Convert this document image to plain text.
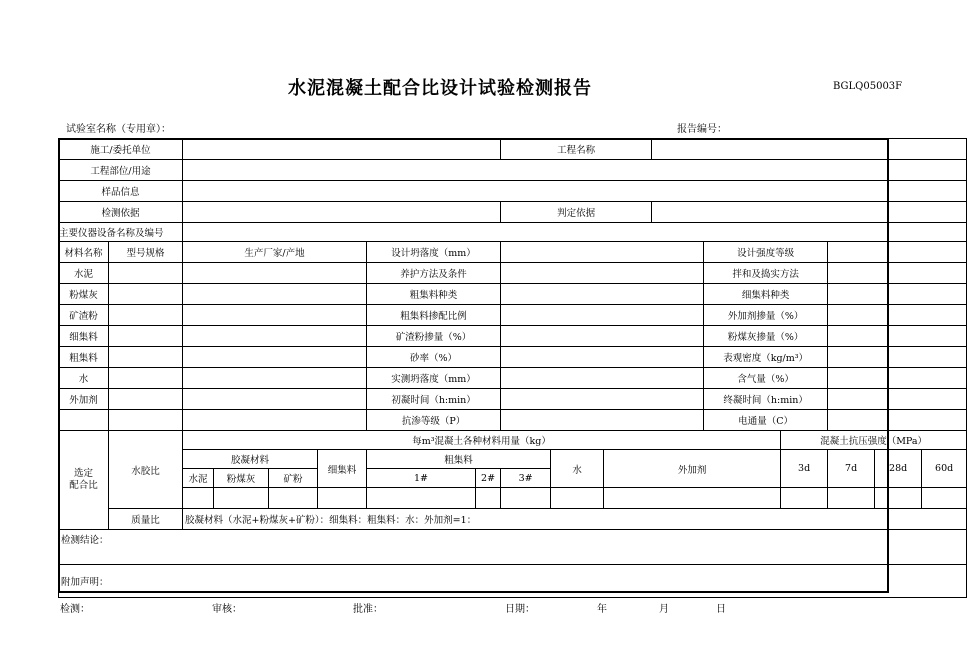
水泥混凝土配合比设计试验检测报告	BGLQ05003F
试验室名称（专用章）：	报告编号：
施工/委托单位								工程名称								
工程部位/用途																
样品信息																
检测依据								判定依据								
主要仪器设备名称及编号																
材料名称	型号规格	生产厂家/产地				设计坍落度（mm）						设计强度等级				
水泥						养护方法及条件						拌和及捣实方法				
粉煤灰						粗集料种类						细集料种类				
矿渣粉						粗集料掺配比例						外加剂掺量（%）				
细集料						矿渣粉掺量（%）						粉煤灰掺量（%）				
粗集料						砂率（%）						表观密度（kg/m³）				
水						实测坍落度（mm）						含气量（%）				
外加剂						初凝时间（h:min）						终凝时间（h:min）				
						抗渗等级（P）						电通量（C）				
选定
配合比	水胶比	每m³混凝土各种材料用量（kg）											混凝土抗压强度（MPa）			
		胶凝材料			细集料	粗集料			水	外加剂			3d	7d	28d	60d
		水泥	粉煤灰	矿粉		1#	2#	3#								

	质量比	胶凝材料（水泥+粉煤灰+矿粉）：细集料：粗集料：水：外加剂=1：														
检测结论：																
附加声明：																
检测：	审核：	批准：	日期：	年	月	日
